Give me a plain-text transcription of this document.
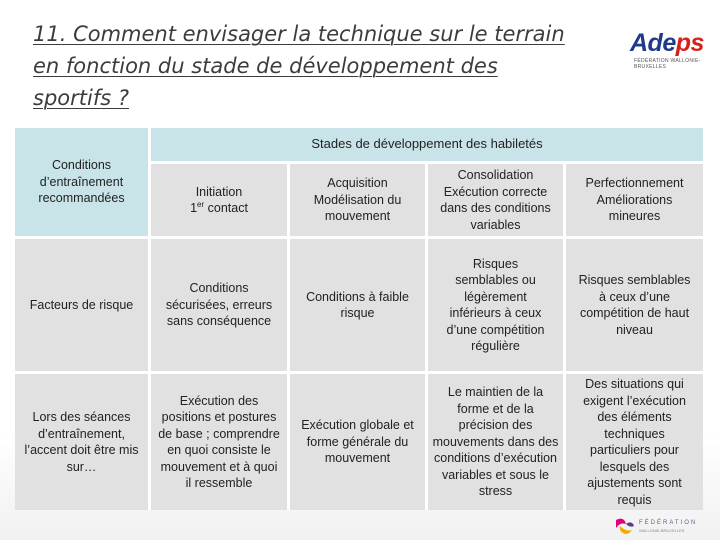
11. Comment envisager la technique sur le terrain
en fonction du stade de développement des
sportifs ?
Adeps
FÉDÉRATION WALLONIE-BRUXELLES
Conditions d’entraînement recommandées
Stades de développement des habiletés
Initiation
1er contact
Acquisition Modélisation du mouvement
Consolidation Exécution correcte dans des conditions variables
Perfectionnement Améliorations mineures
Facteurs de risque
Conditions sécurisées, erreurs sans conséquence
Conditions à faible risque
Risques semblables ou légèrement inférieurs à ceux d’une compétition régulière
Risques semblables à ceux d’une compétition de haut niveau
Lors des séances d’entraînement, l’accent doit être mis sur…
Exécution des positions et postures de base ; comprendre en quoi consiste le mouvement et à quoi il ressemble
Exécution globale et forme générale du mouvement
Le maintien de la forme et de la précision des mouvements dans des conditions d’exécution variables et sous le stress
Des situations qui exigent l’exécution des éléments techniques particuliers pour lesquels des ajustements sont requis
FÉDÉRATION
WALLONIE-BRUXELLES
